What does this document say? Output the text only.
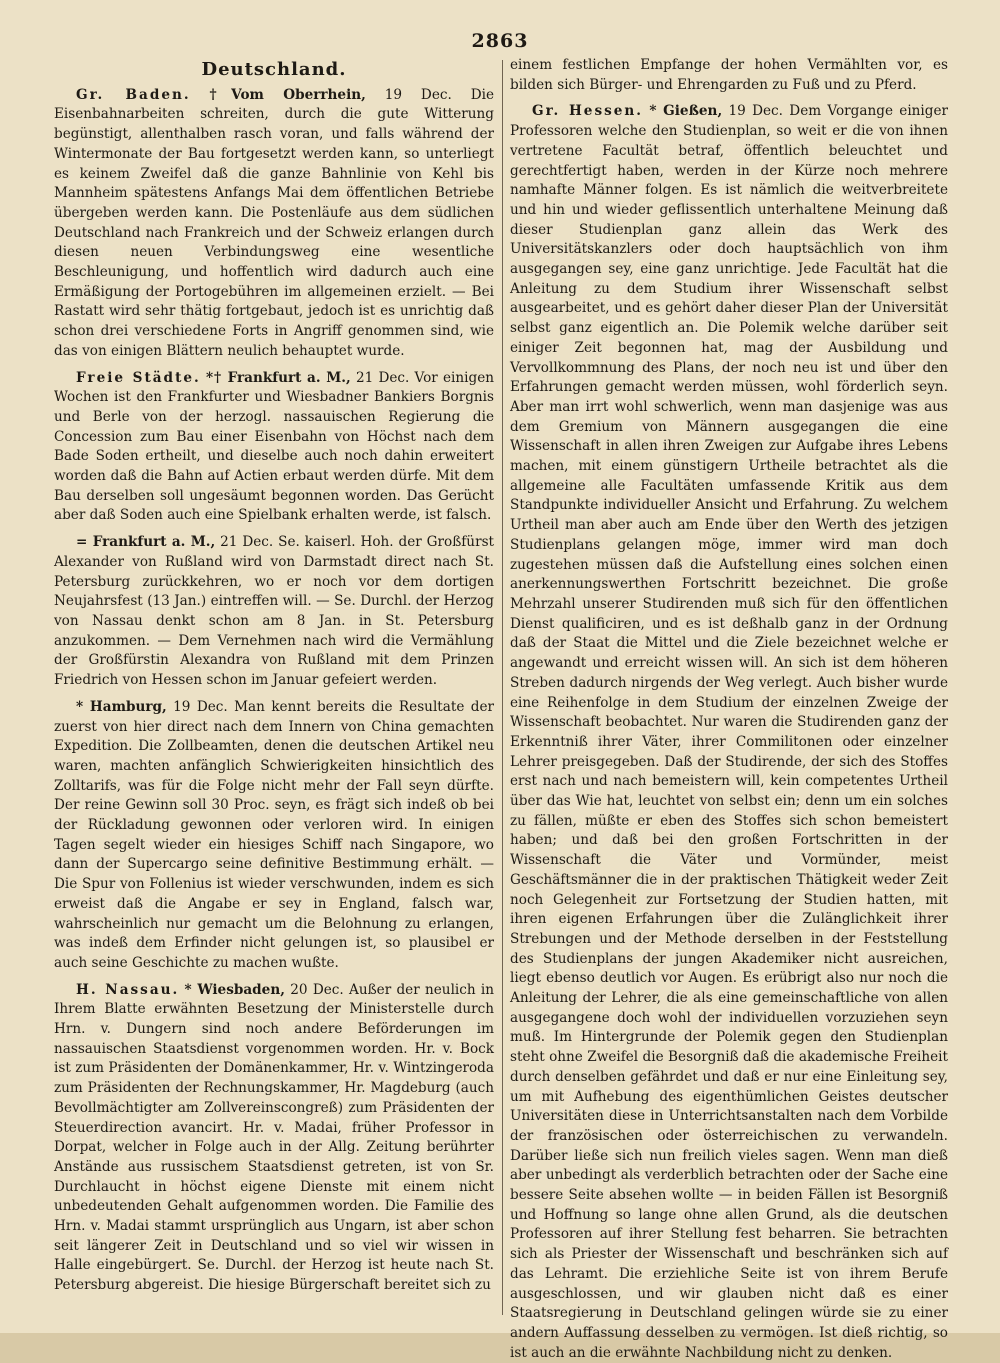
2863
Deutschland.

Gr. Baden. †Vom Oberrhein, 19 Dec. Die Eisenbahnarbeiten schreiten, durch die gute Witterung begünstigt, allenthalben rasch voran, und falls während der Wintermonate der Bau fortgesetzt werden kann, so unterliegt es keinem Zweifel daß die ganze Bahnlinie von Kehl bis Mannheim spätestens Anfangs Mai dem öffentlichen Betriebe übergeben werden kann. Die Postenläufe aus dem südlichen Deutschland nach Frankreich und der Schweiz erlangen durch diesen neuen Verbindungsweg eine wesentliche Beschleunigung, und hoffentlich wird dadurch auch eine Ermäßigung der Portogebühren im allgemeinen erzielt. — Bei Rastatt wird sehr thätig fortgebaut, jedoch ist es unrichtig daß schon drei verschiedene Forts in Angriff genommen sind, wie das von einigen Blättern neulich behauptet wurde.

Freie Städte. *† Frankfurt a. M., 21 Dec. Vor einigen Wochen ist den Frankfurter und Wiesbadner Bankiers Borgnis und Berle von der herzogl. nassauischen Regierung die Concession zum Bau einer Eisenbahn von Höchst nach dem Bade Soden ertheilt, und dieselbe auch noch dahin erweitert worden daß die Bahn auf Actien erbaut werden dürfe. Mit dem Bau derselben soll ungesäumt begonnen worden. Das Gerücht aber daß Soden auch eine Spielbank erhalten werde, ist falsch.

= Frankfurt a. M., 21 Dec. Se. kaiserl. Hoh. der Großfürst Alexander von Rußland wird von Darmstadt direct nach St. Petersburg zurückkehren, wo er noch vor dem dortigen Neujahrsfest (13 Jan.) eintreffen will. — Se. Durchl. der Herzog von Nassau denkt schon am 8 Jan. in St. Petersburg anzukommen. — Dem Vernehmen nach wird die Vermählung der Großfürstin Alexandra von Rußland mit dem Prinzen Friedrich von Hessen schon im Januar gefeiert werden.

* Hamburg, 19 Dec. Man kennt bereits die Resultate der zuerst von hier direct nach dem Innern von China gemachten Expedition. Die Zollbeamten, denen die deutschen Artikel neu waren, machten anfänglich Schwierigkeiten hinsichtlich des Zolltarifs, was für die Folge nicht mehr der Fall seyn dürfte. Der reine Gewinn soll 30 Proc. seyn, es frägt sich indeß ob bei der Rückladung gewonnen oder verloren wird. In einigen Tagen segelt wieder ein hiesiges Schiff nach Singapore, wo dann der Supercargo seine definitive Bestimmung erhält. — Die Spur von Follenius ist wieder verschwunden, indem es sich erweist daß die Angabe er sey in England, falsch war, wahrscheinlich nur gemacht um die Belohnung zu erlangen, was indeß dem Erfinder nicht gelungen ist, so plausibel er auch seine Geschichte zu machen wußte.

H. Nassau. * Wiesbaden, 20 Dec. Außer der neulich in Ihrem Blatte erwähnten Besetzung der Ministerstelle durch Hrn. v. Dungern sind noch andere Beförderungen im nassauischen Staatsdienst vorgenommen worden. Hr. v. Bock ist zum Präsidenten der Domänenkammer, Hr. v. Wintzingeroda zum Präsidenten der Rechnungskammer, Hr. Magdeburg (auch Bevollmächtigter am Zollvereinscongreß) zum Präsidenten der Steuerdirection avancirt. Hr. v. Madai, früher Professor in Dorpat, welcher in Folge auch in der Allg. Zeitung berührter Anstände aus russischem Staatsdienst getreten, ist von Sr. Durchlaucht in höchst eigene Dienste mit einem nicht unbedeutenden Gehalt aufgenommen worden. Die Familie des Hrn. v. Madai stammt ursprünglich aus Ungarn, ist aber schon seit längerer Zeit in Deutschland und so viel wir wissen in Halle eingebürgert. Se. Durchl. der Herzog ist heute nach St. Petersburg abgereist. Die hiesige Bürgerschaft bereitet sich zu

einem festlichen Empfange der hohen Vermählten vor, es bilden sich Bürger- und Ehrengarden zu Fuß und zu Pferd.

Gr. Hessen. * Gießen, 19 Dec. Dem Vorgange einiger Professoren welche den Studienplan, so weit er die von ihnen vertretene Facultät betraf, öffentlich beleuchtet und gerechtfertigt haben, werden in der Kürze noch mehrere namhafte Männer folgen. Es ist nämlich die weitverbreitete und hin und wieder geflissentlich unterhaltene Meinung daß dieser Studienplan ganz allein das Werk des Universitätskanzlers oder doch hauptsächlich von ihm ausgegangen sey, eine ganz unrichtige. Jede Facultät hat die Anleitung zu dem Studium ihrer Wissenschaft selbst ausgearbeitet, und es gehört daher dieser Plan der Universität selbst ganz eigentlich an. Die Polemik welche darüber seit einiger Zeit begonnen hat, mag der Ausbildung und Vervollkommnung des Plans, der noch neu ist und über den Erfahrungen gemacht werden müssen, wohl förderlich seyn. Aber man irrt wohl schwerlich, wenn man dasjenige was aus dem Gremium von Männern ausgegangen die eine Wissenschaft in allen ihren Zweigen zur Aufgabe ihres Lebens machen, mit einem günstigern Urtheile betrachtet als die allgemeine alle Facultäten umfassende Kritik aus dem Standpunkte individueller Ansicht und Erfahrung. Zu welchem Urtheil man aber auch am Ende über den Werth des jetzigen Studienplans gelangen möge, immer wird man doch zugestehen müssen daß die Aufstellung eines solchen einen anerkennungswerthen Fortschritt bezeichnet. Die große Mehrzahl unserer Studirenden muß sich für den öffentlichen Dienst qualificiren, und es ist deßhalb ganz in der Ordnung daß der Staat die Mittel und die Ziele bezeichnet welche er angewandt und erreicht wissen will. An sich ist dem höheren Streben dadurch nirgends der Weg verlegt. Auch bisher wurde eine Reihenfolge in dem Studium der einzelnen Zweige der Wissenschaft beobachtet. Nur waren die Studirenden ganz der Erkenntniß ihrer Väter, ihrer Commilitonen oder einzelner Lehrer preisgegeben. Daß der Studirende, der sich des Stoffes erst nach und nach bemeistern will, kein competentes Urtheil über das Wie hat, leuchtet von selbst ein; denn um ein solches zu fällen, müßte er eben des Stoffes sich schon bemeistert haben; und daß bei den großen Fortschritten in der Wissenschaft die Väter und Vormünder, meist Geschäftsmänner die in der praktischen Thätigkeit weder Zeit noch Gelegenheit zur Fortsetzung der Studien hatten, mit ihren eigenen Erfahrungen über die Zulänglichkeit ihrer Strebungen und der Methode derselben in der Feststellung des Studienplans der jungen Akademiker nicht ausreichen, liegt ebenso deutlich vor Augen. Es erübrigt also nur noch die Anleitung der Lehrer, die als eine gemeinschaftliche von allen ausgegangene doch wohl der individuellen vorzuziehen seyn muß. Im Hintergrunde der Polemik gegen den Studienplan steht ohne Zweifel die Besorgniß daß die akademische Freiheit durch denselben gefährdet und daß er nur eine Einleitung sey, um mit Aufhebung des eigenthümlichen Geistes deutscher Universitäten diese in Unterrichtsanstalten nach dem Vorbilde der französischen oder österreichischen zu verwandeln. Darüber ließe sich nun freilich vieles sagen. Wenn man dieß aber unbedingt als verderblich betrachten oder der Sache eine bessere Seite absehen wollte — in beiden Fällen ist Besorgniß und Hoffnung so lange ohne allen Grund, als die deutschen Professoren auf ihrer Stellung fest beharren. Sie betrachten sich als Priester der Wissenschaft und beschränken sich auf das Lehramt. Die erziehliche Seite ist von ihrem Berufe ausgeschlossen, und wir glauben nicht daß es einer Staatsregierung in Deutschland gelingen würde sie zu einer andern Auffassung desselben zu vermögen. Ist dieß richtig, so ist auch an die erwähnte Nachbildung nicht zu denken.
